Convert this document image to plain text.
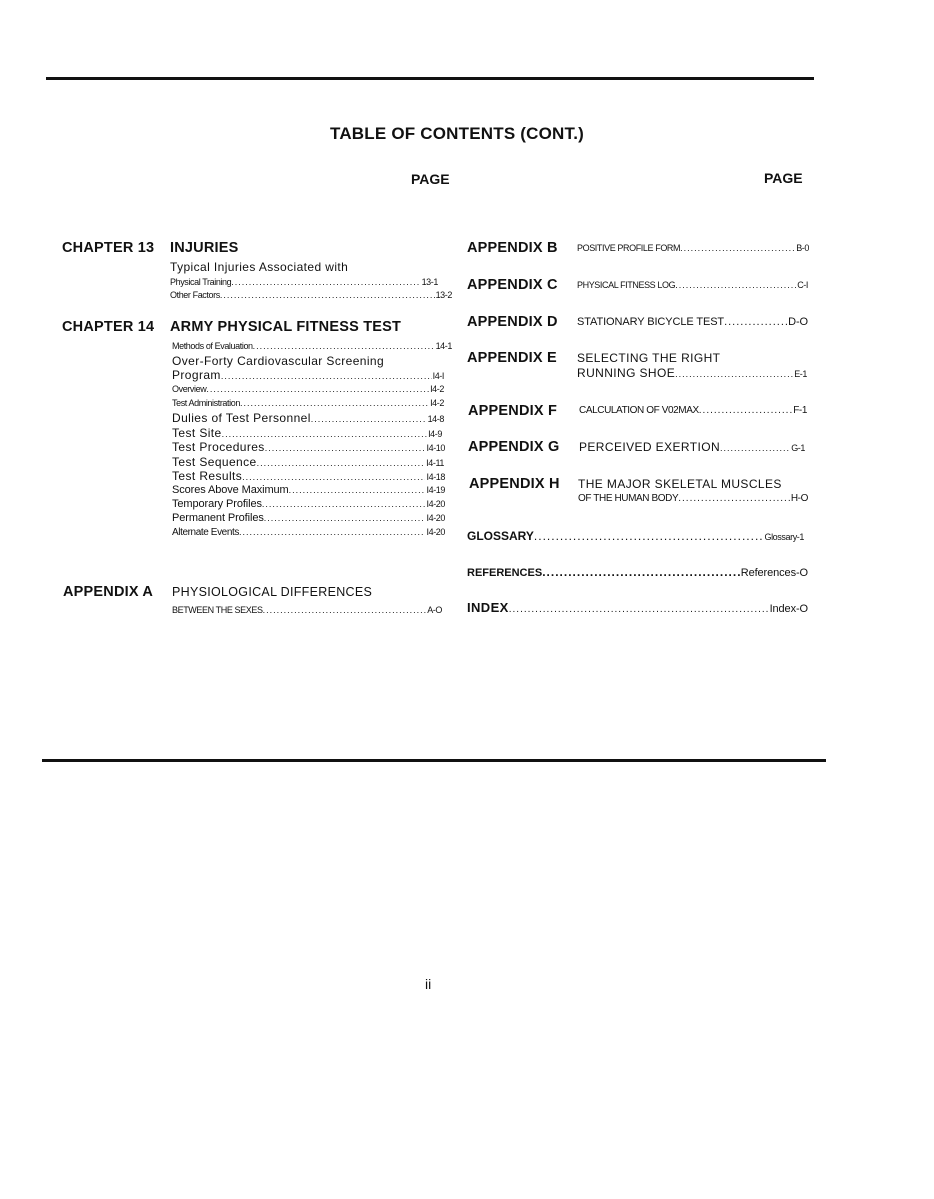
TABLE OF CONTENTS (CONT.)
PAGE	PAGE
CHAPTER 13 INJURIES
Typical Injuries Associated with
Physical Training .....	13-1
Other Factors .....	13-2
CHAPTER 14 ARMY PHYSICAL FITNESS TEST
Methods of Evaluation .....	14-1
Over-Forty Cardiovascular Screening
Program .....	I4-I
Overview .....	I4-2
Test Administration .....	I4-2
Dulies of Test Personnel .....	14-8
Test Site .....	I4-9
Test Procedures .....	I4-10
Test Sequence .....	I4-11
Test Results .....	I4-18
Scores Above Maximum .....	I4-19
Temporary Profiles .....	I4-20
Permanent Profiles .....	I4-20
Alternate Events .....	I4-20
APPENDIX A PHYSIOLOGICAL DIFFERENCES
BETWEEN THE SEXES .....	A-O
APPENDIX B POSITIVE PROFILE FORM .....	B-0
APPENDIX C PHYSICAL FITNESS LOG .....	C-I
APPENDIX D STATIONARY BICYCLE TEST .....	D-O
APPENDIX E SELECTING THE RIGHT
RUNNING SHOE .....	E-1
APPENDIX F CALCULATION OF V02MAX .....	F-1
APPENDIX G PERCEIVED EXERTION .....	G-1
APPENDIX H THE MAJOR SKELETAL MUSCLES
OF THE HUMAN BODY .....	H-O
GLOSSARY .....	Glossary-1
REFERENCES .....	References-O
INDEX .....	Index-O
ii
